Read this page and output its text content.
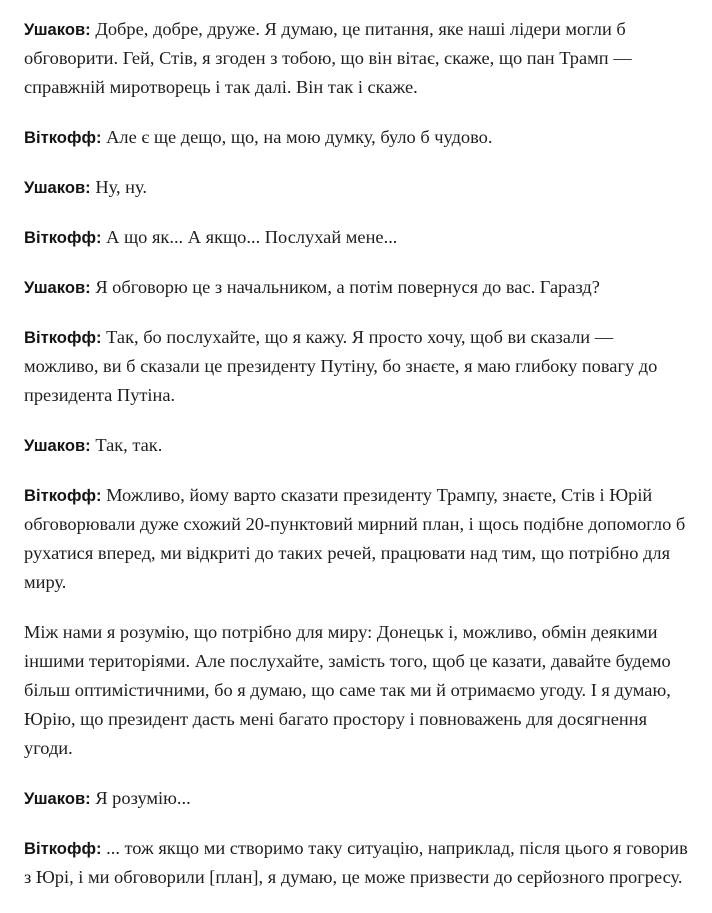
Ушаков: Добре, добре, друже. Я думаю, це питання, яке наші лідери могли б обговорити. Гей, Стів, я згоден з тобою, що він вітає, скаже, що пан Трамп — справжній миротворець і так далі. Він так і скаже.

Віткофф: Але є ще дещо, що, на мою думку, було б чудово.

Ушаков: Ну, ну.

Віткофф: А що як... А якщо... Послухай мене...

Ушаков: Я обговорю це з начальником, а потім повернуся до вас. Гаразд?

Віткофф: Так, бо послухайте, що я кажу. Я просто хочу, щоб ви сказали — можливо, ви б сказали це президенту Путіну, бо знаєте, я маю глибоку повагу до президента Путіна.

Ушаков: Так, так.

Віткофф: Можливо, йому варто сказати президенту Трампу, знаєте, Стів і Юрій обговорювали дуже схожий 20-пунктовий мирний план, і щось подібне допомогло б рухатися вперед, ми відкриті до таких речей, працювати над тим, що потрібно для миру.

Між нами я розумію, що потрібно для миру: Донецьк і, можливо, обмін деякими іншими територіями. Але послухайте, замість того, щоб це казати, давайте будемо більш оптимістичними, бо я думаю, що саме так ми й отримаємо угоду. І я думаю, Юрію, що президент дасть мені багато простору і повноважень для досягнення угоди.

Ушаков: Я розумію...

Віткофф: ... тож якщо ми створимо таку ситуацію, наприклад, після цього я говорив з Юрі, і ми обговорили [план], я думаю, це може призвести до серйозного прогресу.
